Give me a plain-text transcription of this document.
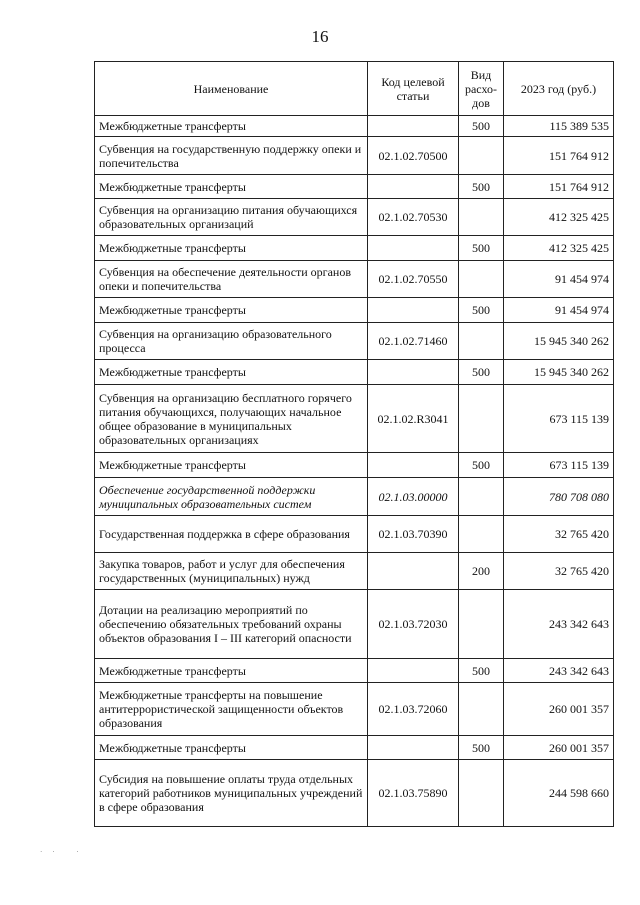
16
Наименование	Код целевой статьи	Вид расхо-дов	2023 год (руб.)
Межбюджетные трансферты		500	115 389 535
Субвенция на государственную поддержку опеки и попечительства	02.1.02.70500		151 764 912
Межбюджетные трансферты		500	151 764 912
Субвенция на организацию питания обучающихся образовательных организаций	02.1.02.70530		412 325 425
Межбюджетные трансферты		500	412 325 425
Субвенция на обеспечение деятельности органов опеки и попечительства	02.1.02.70550		91 454 974
Межбюджетные трансферты		500	91 454 974
Субвенция на организацию образовательного процесса	02.1.02.71460		15 945 340 262
Межбюджетные трансферты		500	15 945 340 262
Субвенция на организацию бесплатного горячего питания обучающихся, получающих начальное общее образование в муниципальных образовательных организациях	02.1.02.R3041		673 115 139
Межбюджетные трансферты		500	673 115 139
Обеспечение государственной поддержки муниципальных образовательных систем	02.1.03.00000		780 708 080
Государственная поддержка в сфере образования	02.1.03.70390		32 765 420
Закупка товаров, работ и услуг для обеспечения государственных (муниципальных) нужд		200	32 765 420
Дотации на реализацию мероприятий по обеспечению обязательных требований охраны объектов образования I – III категорий опасности	02.1.03.72030		243 342 643
Межбюджетные трансферты		500	243 342 643
Межбюджетные трансферты на повышение антитеррористической защищенности объектов образования	02.1.03.72060		260 001 357
Межбюджетные трансферты		500	260 001 357
Субсидия на повышение оплаты труда отдельных категорий работников муниципальных учреждений в сфере образования	02.1.03.75890		244 598 660
·· ·
